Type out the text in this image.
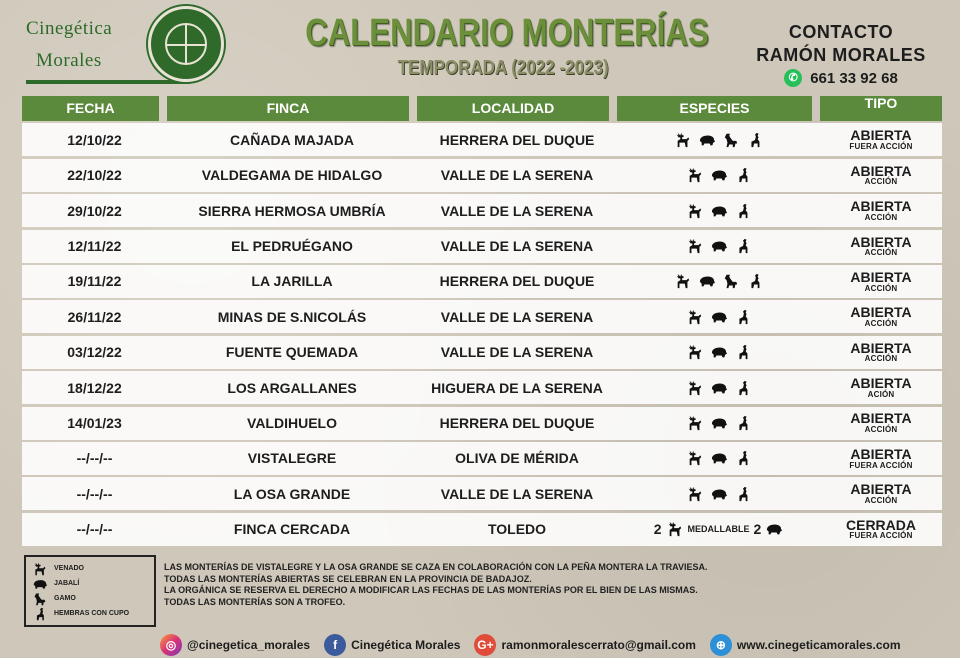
Cinegética
Morales
CALENDARIO MONTERÍAS
TEMPORADA (2022 -2023)
CONTACTO
RAMÓN MORALES
✆ 661 33 92 68
FECHA	FINCA	LOCALIDAD	ESPECIES	TIPO
12/10/22	CAÑADA MAJADA	HERRERA DEL DUQUE	ABIERTA
FUERA ACCIÓN
22/10/22	VALDEGAMA DE HIDALGO	VALLE DE LA SERENA	ABIERTA
ACCIÓN
29/10/22	SIERRA HERMOSA UMBRÍA	VALLE DE LA SERENA	ABIERTA
ACCIÓN
12/11/22	EL PEDRUÉGANO	VALLE DE LA SERENA	ABIERTA
ACCIÓN
19/11/22	LA JARILLA	HERRERA DEL DUQUE	ABIERTA
ACCIÓN
26/11/22	MINAS DE S.NICOLÁS	VALLE DE LA SERENA	ABIERTA
ACCIÓN
03/12/22	FUENTE QUEMADA	VALLE DE LA SERENA	ABIERTA
ACCIÓN
18/12/22	LOS ARGALLANES	HIGUERA DE LA SERENA	ABIERTA
ACIÓN
14/01/23	VALDIHUELO	HERRERA DEL DUQUE	ABIERTA
ACCIÓN
--/--/--	VISTALEGRE	OLIVA DE MÉRIDA	ABIERTA
FUERA ACCIÓN
--/--/--	LA OSA GRANDE	VALLE DE LA SERENA	ABIERTA
ACCIÓN
--/--/--	FINCA CERCADA	TOLEDO	2	MEDALLABLE 2	CERRADA
FUERA ACCIÓN
VENADO
JABALÍ
GAMO
HEMBRAS CON CUPO
LAS MONTERÍAS DE VISTALEGRE Y LA OSA GRANDE SE CAZA EN COLABORACIÓN CON LA PEÑA MONTERA LA TRAVIESA.
TODAS LAS MONTERÍAS ABIERTAS SE CELEBRAN EN LA PROVINCIA DE BADAJOZ.
LA ORGÁNICA SE RESERVA EL DERECHO A MODIFICAR LAS FECHAS DE LAS MONTERÍAS POR EL BIEN DE LAS MISMAS.
TODAS LAS MONTERÍAS SON A TROFEO.
◎ @cinegetica_morales	f	Cinegética Morales G+ ramonmoralescerrato@gmail.com	⊕ www.cinegeticamorales.com
